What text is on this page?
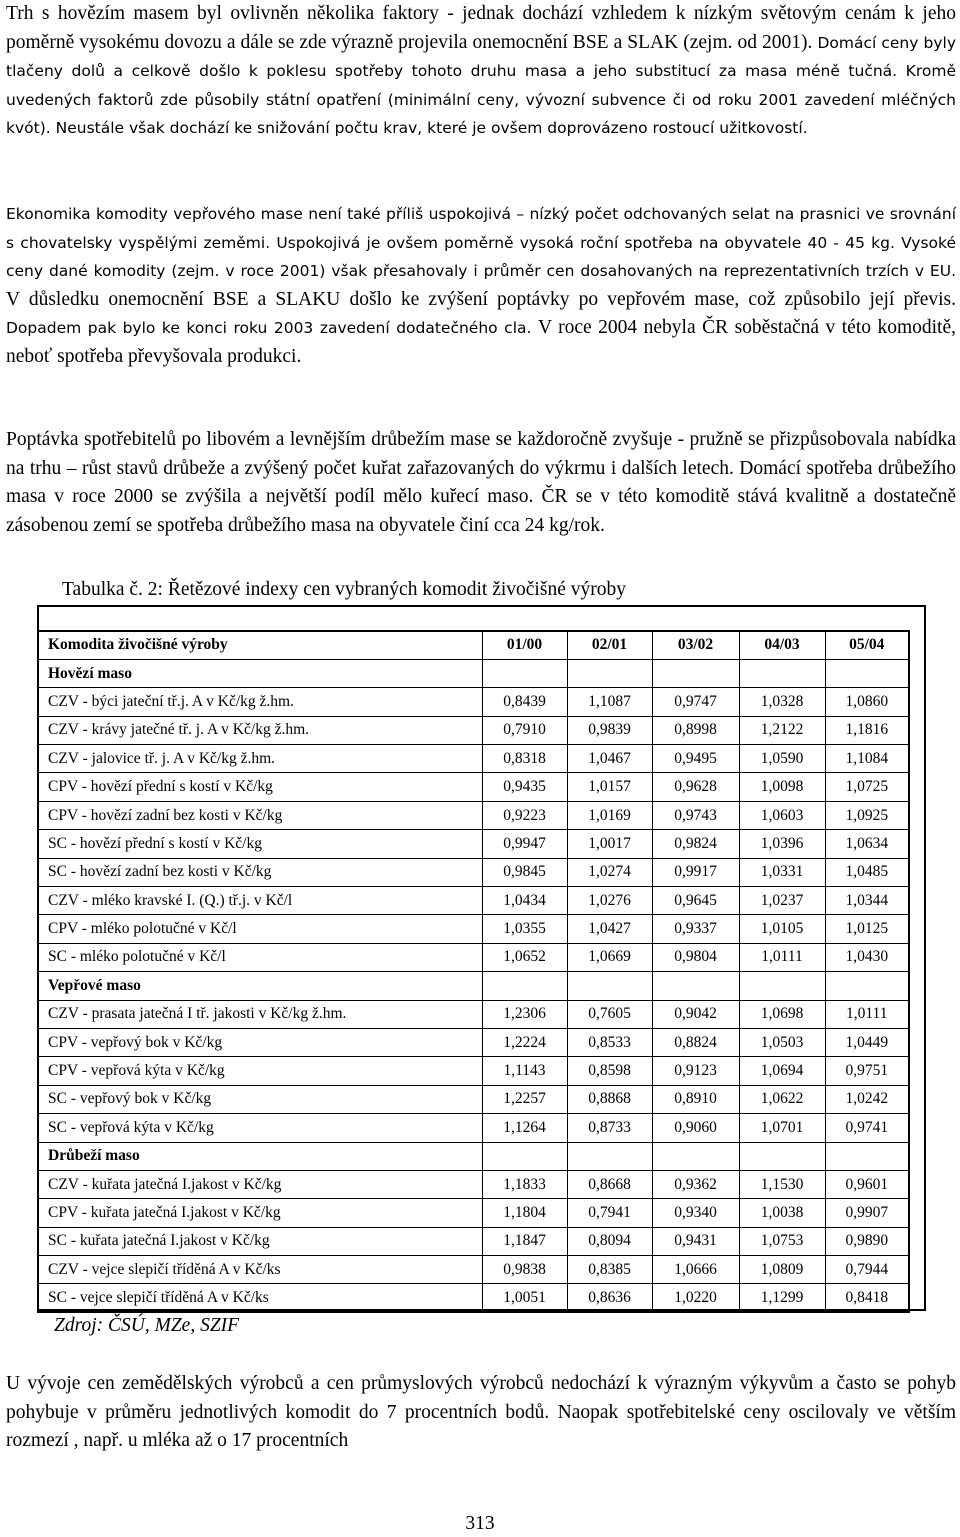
Trh s hovězím masem byl ovlivněn několika faktory - jednak dochází vzhledem k nízkým světovým cenám k jeho poměrně vysokému dovozu a dále se zde výrazně projevila onemocnění BSE a SLAK (zejm. od 2001). Domácí ceny byly tlačeny dolů a celkově došlo k poklesu spotřeby tohoto druhu masa a jeho substitucí za masa méně tučná. Kromě uvedených faktorů zde působily státní opatření (minimální ceny, vývozní subvence či od roku 2001 zavedení mléčných kvót). Neustále však dochází ke snižování počtu krav, které je ovšem doprovázeno rostoucí užitkovostí.

Ekonomika komodity vepřového mase není také příliš uspokojivá – nízký počet odchovaných selat na prasnici ve srovnání s chovatelsky vyspělými zeměmi. Uspokojivá je ovšem poměrně vysoká roční spotřeba na obyvatele 40 - 45 kg. Vysoké ceny dané komodity (zejm. v roce 2001) však přesahovaly i průměr cen dosahovaných na reprezentativních trzích v EU. V důsledku onemocnění BSE a SLAKU došlo ke zvýšení poptávky po vepřovém mase, což způsobilo její převis. Dopadem pak bylo ke konci roku 2003 zavedení dodatečného cla. V roce 2004 nebyla ČR soběstačná v této komoditě, neboť spotřeba převyšovala produkci.

Poptávka spotřebitelů po libovém a levnějším drůbežím mase se každoročně zvyšuje - pružně se přizpůsobovala nabídka na trhu – růst stavů drůbeže a zvýšený počet kuřat zařazovaných do výkrmu i dalších letech. Domácí spotřeba drůbežího masa v roce 2000 se zvýšila a největší podíl mělo kuřecí maso. ČR se v této komoditě stává kvalitně a dostatečně zásobenou zemí se spotřeba drůbežího masa na obyvatele činí cca 24 kg/rok.

Tabulka č. 2: Řetězové indexy cen vybraných komodit živočišné výroby

Komodita živočišné výroby	01/00	02/01	03/02	04/03	05/04
Hovězí maso					
CZV - býci jateční tř.j. A v Kč/kg ž.hm.	0,8439	1,1087	0,9747	1,0328	1,0860
CZV - krávy jatečné tř. j. A v Kč/kg ž.hm.	0,7910	0,9839	0,8998	1,2122	1,1816
CZV - jalovice tř. j. A v Kč/kg ž.hm.	0,8318	1,0467	0,9495	1,0590	1,1084
CPV - hovězí přední s kostí v Kč/kg	0,9435	1,0157	0,9628	1,0098	1,0725
CPV - hovězí zadní bez kosti v Kč/kg	0,9223	1,0169	0,9743	1,0603	1,0925
SC - hovězí přední s kostí v Kč/kg	0,9947	1,0017	0,9824	1,0396	1,0634
SC - hovězí zadní bez kosti v Kč/kg	0,9845	1,0274	0,9917	1,0331	1,0485
CZV - mléko kravské I. (Q.) tř.j. v Kč/l	1,0434	1,0276	0,9645	1,0237	1,0344
CPV - mléko polotučné v Kč/l	1,0355	1,0427	0,9337	1,0105	1,0125
SC - mléko polotučné v Kč/l	1,0652	1,0669	0,9804	1,0111	1,0430
Vepřové maso					
CZV - prasata jatečná I tř. jakosti v Kč/kg ž.hm.	1,2306	0,7605	0,9042	1,0698	1,0111
CPV - vepřový bok v Kč/kg	1,2224	0,8533	0,8824	1,0503	1,0449
CPV - vepřová kýta v Kč/kg	1,1143	0,8598	0,9123	1,0694	0,9751
SC - vepřový bok v Kč/kg	1,2257	0,8868	0,8910	1,0622	1,0242
SC - vepřová kýta v Kč/kg	1,1264	0,8733	0,9060	1,0701	0,9741
Drůbeží maso					
CZV - kuřata jatečná I.jakost v Kč/kg	1,1833	0,8668	0,9362	1,1530	0,9601
CPV - kuřata jatečná I.jakost v Kč/kg	1,1804	0,7941	0,9340	1,0038	0,9907
SC - kuřata jatečná I.jakost v Kč/kg	1,1847	0,8094	0,9431	1,0753	0,9890
CZV - vejce slepičí tříděná A v Kč/ks	0,9838	0,8385	1,0666	1,0809	0,7944
SC - vejce slepičí tříděná A v Kč/ks	1,0051	0,8636	1,0220	1,1299	0,8418

Zdroj: ČSÚ, MZe, SZIF

U vývoje cen zemědělských výrobců a cen průmyslových výrobců nedochází k výrazným výkyvům a často se pohyb pohybuje v průměru jednotlivých komodit do 7 procentních bodů. Naopak spotřebitelské ceny oscilovaly ve větším rozmezí , např. u mléka až o 17 procentních

313
